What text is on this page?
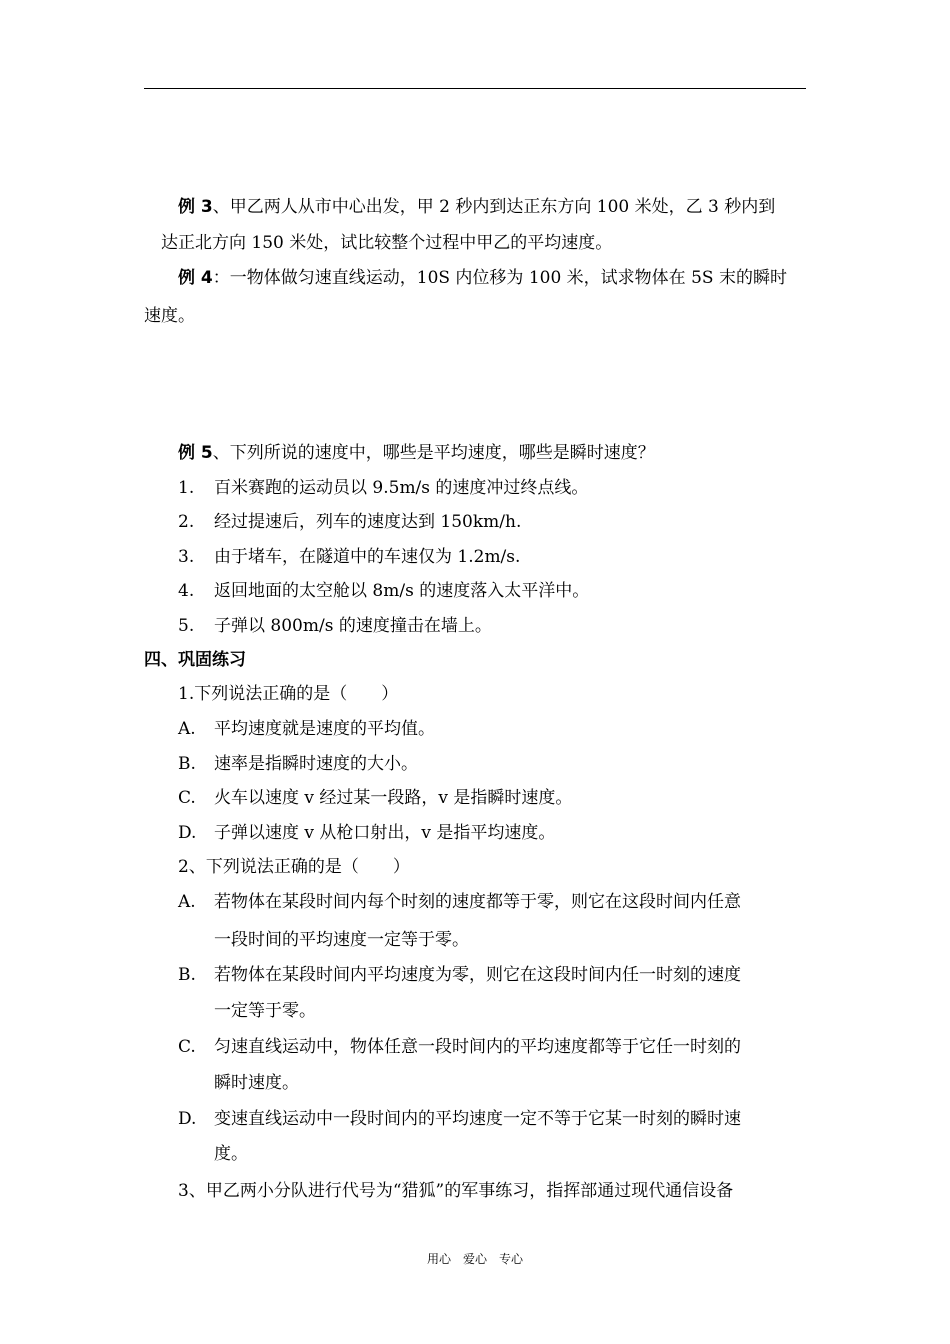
例 3、甲乙两人从市中心出发，甲 2 秒内到达正东方向 100 米处，乙 3 秒内到
达正北方向 150 米处，试比较整个过程中甲乙的平均速度。
例 4：一物体做匀速直线运动，10S 内位移为 100 米，试求物体在 5S 末的瞬时
速度。
例 5、下列所说的速度中，哪些是平均速度，哪些是瞬时速度？
1. 百米赛跑的运动员以 9.5m/s 的速度冲过终点线。
2. 经过提速后，列车的速度达到 150km/h.
3. 由于堵车，在隧道中的车速仅为 1.2m/s.
4. 返回地面的太空舱以 8m/s 的速度落入太平洋中。
5. 子弹以 800m/s 的速度撞击在墙上。
四、巩固练习
1.下列说法正确的是（　　）
A. 平均速度就是速度的平均值。
B. 速率是指瞬时速度的大小。
C. 火车以速度 v 经过某一段路，v 是指瞬时速度。
D. 子弹以速度 v 从枪口射出，v 是指平均速度。
2、下列说法正确的是（　　）
A. 若物体在某段时间内每个时刻的速度都等于零，则它在这段时间内任意
一段时间的平均速度一定等于零。
B. 若物体在某段时间内平均速度为零，则它在这段时间内任一时刻的速度
一定等于零。
C. 匀速直线运动中，物体任意一段时间内的平均速度都等于它任一时刻的
瞬时速度。
D. 变速直线运动中一段时间内的平均速度一定不等于它某一时刻的瞬时速
度。
3、甲乙两小分队进行代号为“猎狐”的军事练习，指挥部通过现代通信设备
用心　爱心　专心
